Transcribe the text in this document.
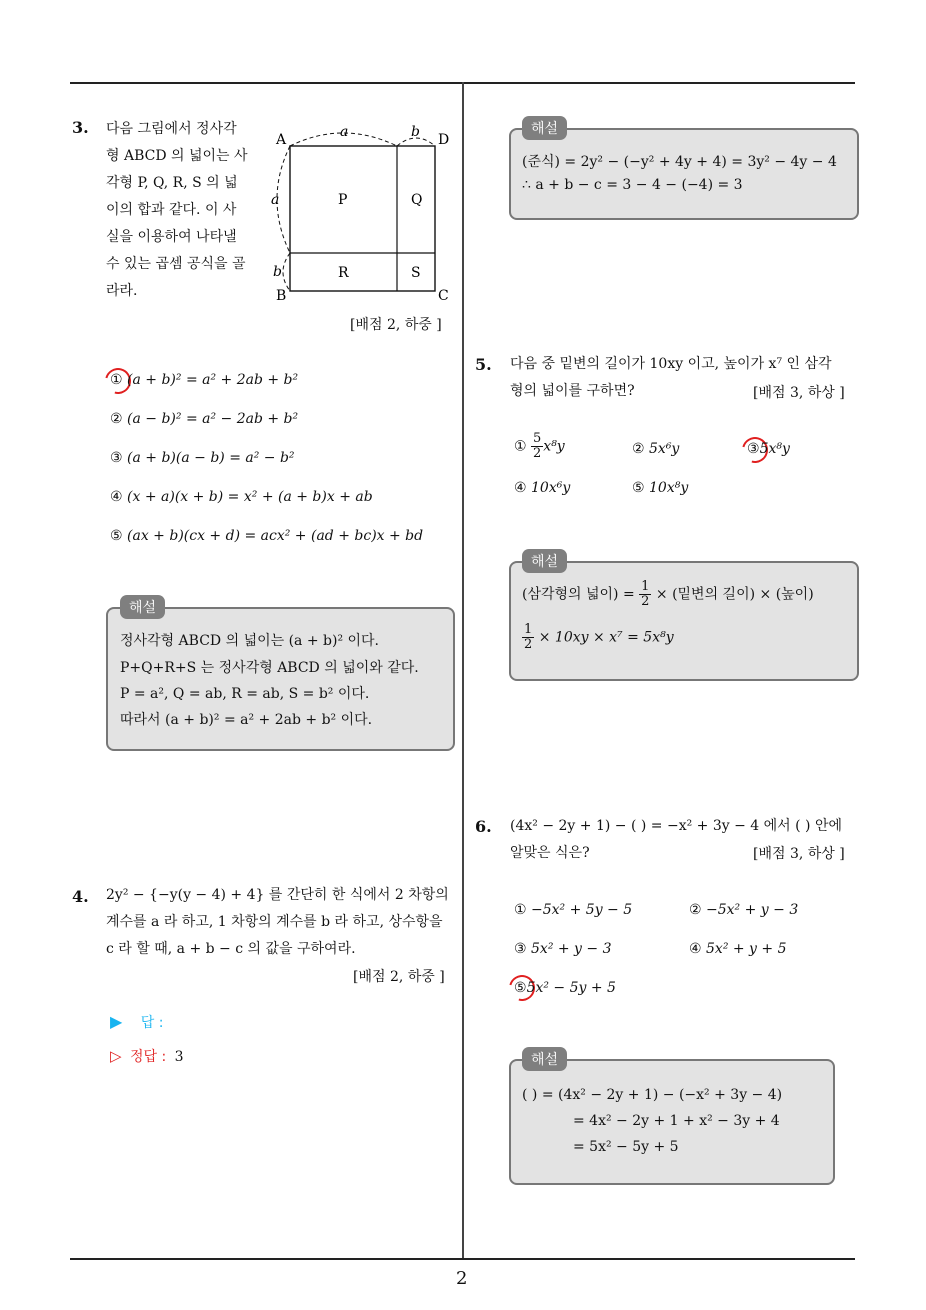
2
3. 다음 그림에서 정사각
형 ABCD 의 넓이는 사
각형 P, Q, R, S 의 넓
이의 합과 같다. 이 사
실을 이용하여 나타낼
수 있는 곱셈 공식을 골
라라.
A	D
B	C
a	b
a
b
P	Q
R	S
[배점 2, 하중 ]
① (a + b)² = a² + 2ab + b²
② (a − b)² = a² − 2ab + b²
③ (a + b)(a − b) = a² − b²
④ (x + a)(x + b) = x² + (a + b)x + ab
⑤ (ax + b)(cx + d) = acx² + (ad + bc)x + bd
해설
정사각형 ABCD 의 넓이는 (a + b)² 이다.
P+Q+R+S 는 정사각형 ABCD 의 넓이와 같다.
P = a², Q = ab, R = ab, S = b² 이다.
따라서 (a + b)² = a² + 2ab + b² 이다.
4. 2y² − {−y(y − 4) + 4} 를 간단히 한 식에서 2 차항의
계수를 a 라 하고, 1 차항의 계수를 b 라 하고, 상수항을
c 라 할 때, a + b − c 의 값을 구하여라.
[배점 2, 하중 ]
▶ 답 :
▷ 정답 : 3
해설
(준식) = 2y² − (−y² + 4y + 4) = 3y² − 4y − 4
∴ a + b − c = 3 − 4 − (−4) = 3
5. 다음 중 밑변의 길이가 10xy 이고, 높이가 x⁷ 인 삼각
형의 넓이를 구하면?	[배점 3, 하상 ]
① $\frac{5}{2} x^8y$	② 5x⁶y	③5x⁸y
④ 10x⁶y	⑤ 10x⁸y
해설
(삼각형의 넓이) = $\frac{1}{2}$ × (밑변의 길이) × (높이)
$\frac{1}{2} \times 10xy \times x^7 = 5x^8y$
6. (4x² − 2y + 1) − ( ) = −x² + 3y − 4 에서 ( ) 안에
알맞은 식은?	[배점 3, 하상 ]
① −5x² + 5y − 5	② −5x² + y − 3
③ 5x² + y − 3	④ 5x² + y + 5
⑤5x² − 5y + 5
해설
( ) = (4x² − 2y + 1) − (−x² + 3y − 4)
= 4x² − 2y + 1 + x² − 3y + 4
= 5x² − 5y + 5
